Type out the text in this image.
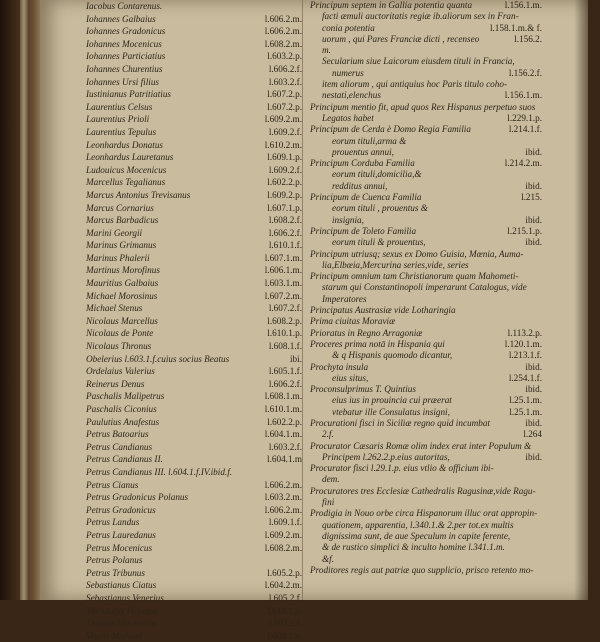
Iacobus Contarenus.
Iohannes Galbaius	l.606.2.m.
Iohannes Gradonicus	l.606.2.m.
Iohannes Mocenicus	l.608.2.m.
Iohannes Particiatius	l.603.2.p.
Iohannes Churentius	l.606.2.f.
Iohannes Ursi filius	l.603.2.f.
Iustinianus Patritiatius	l.607.2.p.
Laurentius Celsus	l.607.2.p.
Laurentius Prioli	l.609.2.m.
Laurentius Tepulus	l.609.2.f.
Leonhardus Donatus	l.610.2.m.
Leonhardus Lauretanus	l.609.1.p.
Ludouicus Mocenicus	l.609.2.f.
Marcellus Tegalianus	l.602.2.p.
Marcus Antonius Trevisanus	l.609.2.p.
Marcus Cornarius	l.607.1.p.
Marcus Barbadicus	l.608.2.f.
Marini Georgii	l.606.2.f.
Marinus Grimanus	l.610.1.f.
Marinus Phalerii	l.607.1.m.
Martinus Morofinus	l.606.1.m.
Mauritius Galbaius	l.603.1.m.
Michael Morosinus	l.607.2.m.
Michael Stenus	l.607.2.f.
Nicolaus Marcellus	l.608.2.p.
Nicolaus de Ponte	l.610.1.p.
Nicolaus Thronus	l.608.1.f.
Obelerius l.603.1.f.cuius socius Beatus	ibi.
Ordelaius Valerius	l.605.1.f.
Reinerus Denus	l.606.2.f.
Paschalis Malipetrus	l.608.1.m.
Paschalis Ciconius	l.610.1.m.
Paulutius Anafestus	l.602.2.p.
Petrus Batoarius	l.604.1.m.
Petrus Candianus	l.603.2.f.
Petrus Candianus II.	l.604.1.m
Petrus Candianus III. l.604.1.f.IV.ibid.f.
Petrus Cianus	l.606.2.m.
Petrus Gradonicus Polanus	l.603.2.m.
Petrus Gradonicus	l.606.2.m.
Petrus Landus	l.609.1.f.
Petrus Lauredanus	l.609.2.m.
Petrus Mocenicus	l.608.2.m.
Petrus Polanus
Petrus Tribunus	l.605.2.p.
Sebastianus Ciatus	l.604.2.m.
Sebastianus Venerius	l.605.2.f.
Theodatus Hypatus	l.610.1.p.
Thomas Mocenicus	l.602.2.f.
Vitalis Michael	l.608.1.p.
Principum septem in Gallia potentia quanta	l.156.1.m.
facti æmuli auctoritatis regiæ ib.aliorum sex in Fran-
conia potentia	l.158.1.m.& f.
uorum , qui Pares Franciæ dicti , recenseo	l.156.2.
m.
Secularium siue Laicorum eiusdem tituli in Francia,
numerus	l.156.2.f.
item aliorum , qui antiquius hoc Paris titulo coho-
nestati,elenchus	l.156.1.m.
Principum mentio fit, apud quos Rex Hispanus perpetuo suos
Legatos habet	l.229.1.p.
Principum de Cerda è Domo Regia Familia	l.214.1.f.
eorum tituli,arma &
prouentus annui,	ibid.
Principum Corduba Familia	l.214.2.m.
eorum tituli,domicilia,&
redditus annui,	ibid.
Principum de Cuenca Familia	l.215.
eorum tituli , prouentus &
insignia,	ibid.
Principum de Toleto Familia	l.215.1.p.
eorum tituli & prouentus,	ibid.
Principum utriusq; sexus ex Domo Guisia, Mœnia, Auma-
lia,Elbœia,Mercurina series,vide, series
Principum omnium tam Christianorum quam Mahometi-
starum qui Constantinopoli imperarunt Catalogus, vide
Imperatores
Principatus Austrasiæ vide Lotharingia
Prima ciuitas Moraviæ
Prioratus in Regno Arragoniæ	l.113.2.p.
Proceres prima notā in Hispania qui	l.120.1.m.
& q Hispanis quomodo dicantur,	l.213.1.f.
Prochyta insula	ibid.
eius situs,	l.254.1.f.
Proconsulprimus T. Quintius	ibid.
eius ius in prouincia cui præerat	l.25.1.m.
vtebatur ille Consulatus insigni,	l.25.1.m.
Procurationi fisci in Siciliæ regno quid incumbat	ibid.
2.f.	l.264
Procurator Cæsaris Romæ olim index erat inter Populum &
Principem l.262.2.p.eius autoritas,	ibid.
Procurator fisci l.29.1.p. eius vtlio & officium ibi-
dem.
Procuratores tres Ecclesiæ Cathedralis Ragusinæ,vide Ragu-
fini
Prodigia in Nouo orbe circa Hispanorum illuc orat appropin-
quationem, apparentia, l.340.1.& 2.per tot.ex multis
dignissima sunt, de aue Speculum in capite ferente,
& de rustico simplici & inculto homine l.341.1.m.
&f.
Proditores regis aut patriæ quo supplicio, prisco retento mo-
